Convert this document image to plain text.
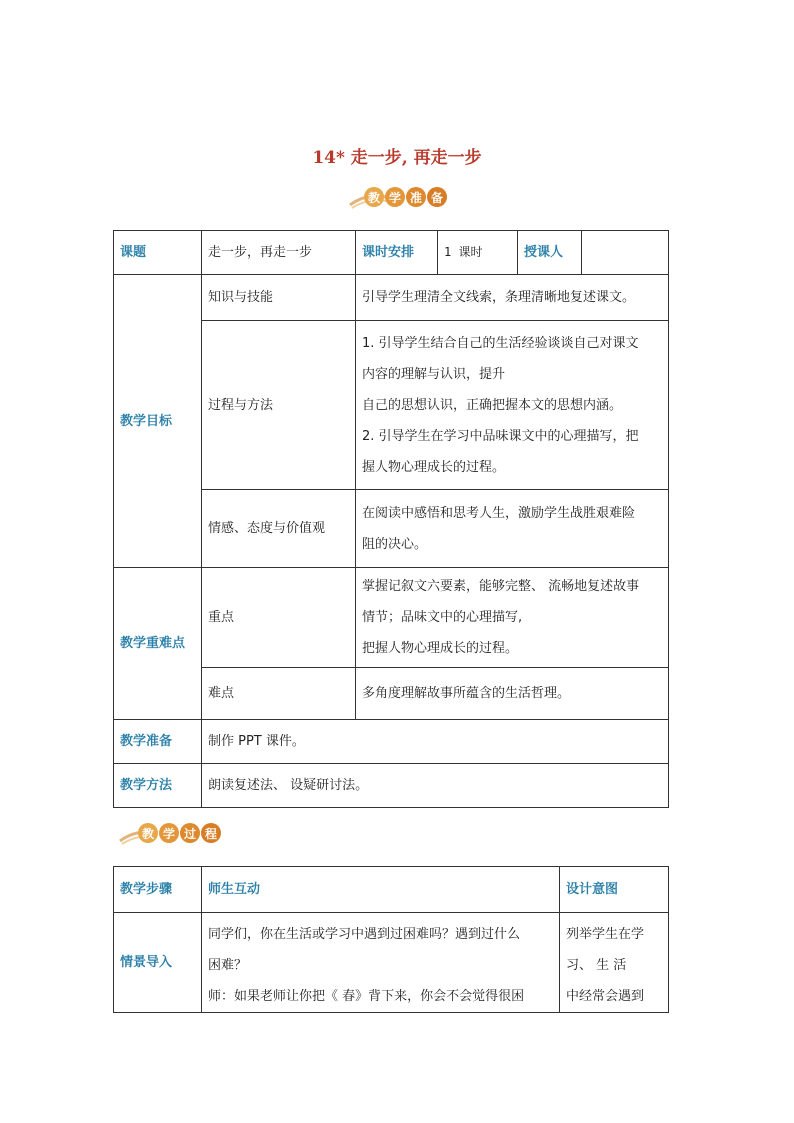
14* 走一步, 再走一步
教 学 准 备
课题	走一步，再走一步	课时安排	1 课时	授课人	
教学目标	知识与技能	引导学生理清全文线索，条理清晰地复述课文。			
	过程与方法	1. 引导学生结合自己的生活经验谈谈自己对课文
内容的理解与认识，提升
自己的思想认识，正确把握本文的思想内涵。
2. 引导学生在学习中品味课文中的心理描写，把
握人物心理成长的过程。			

	情感、态度与价值观	在阅读中感悟和思考人生，激励学生战胜艰难险
阻的决心。			

教学重难点	重点	掌握记叙文六要素，能够完整、 流畅地复述故事
情节；品味文中的心理描写,
把握人物心理成长的过程。			

	难点	多角度理解故事所蕴含的生活哲理。			
教学准备	制作 PPT 课件。				
教学方法	朗读复述法、 设疑研讨法。				
教 学 过 程
教学步骤	师生互动	设计意图
情景导入	同学们，你在生活或学习中遇到过困难吗？遇到过什么
困难？
师：如果老师让你把《 春》背下来，你会不会觉得很困	列举学生在学
习、 生 活
中经常会遇到
